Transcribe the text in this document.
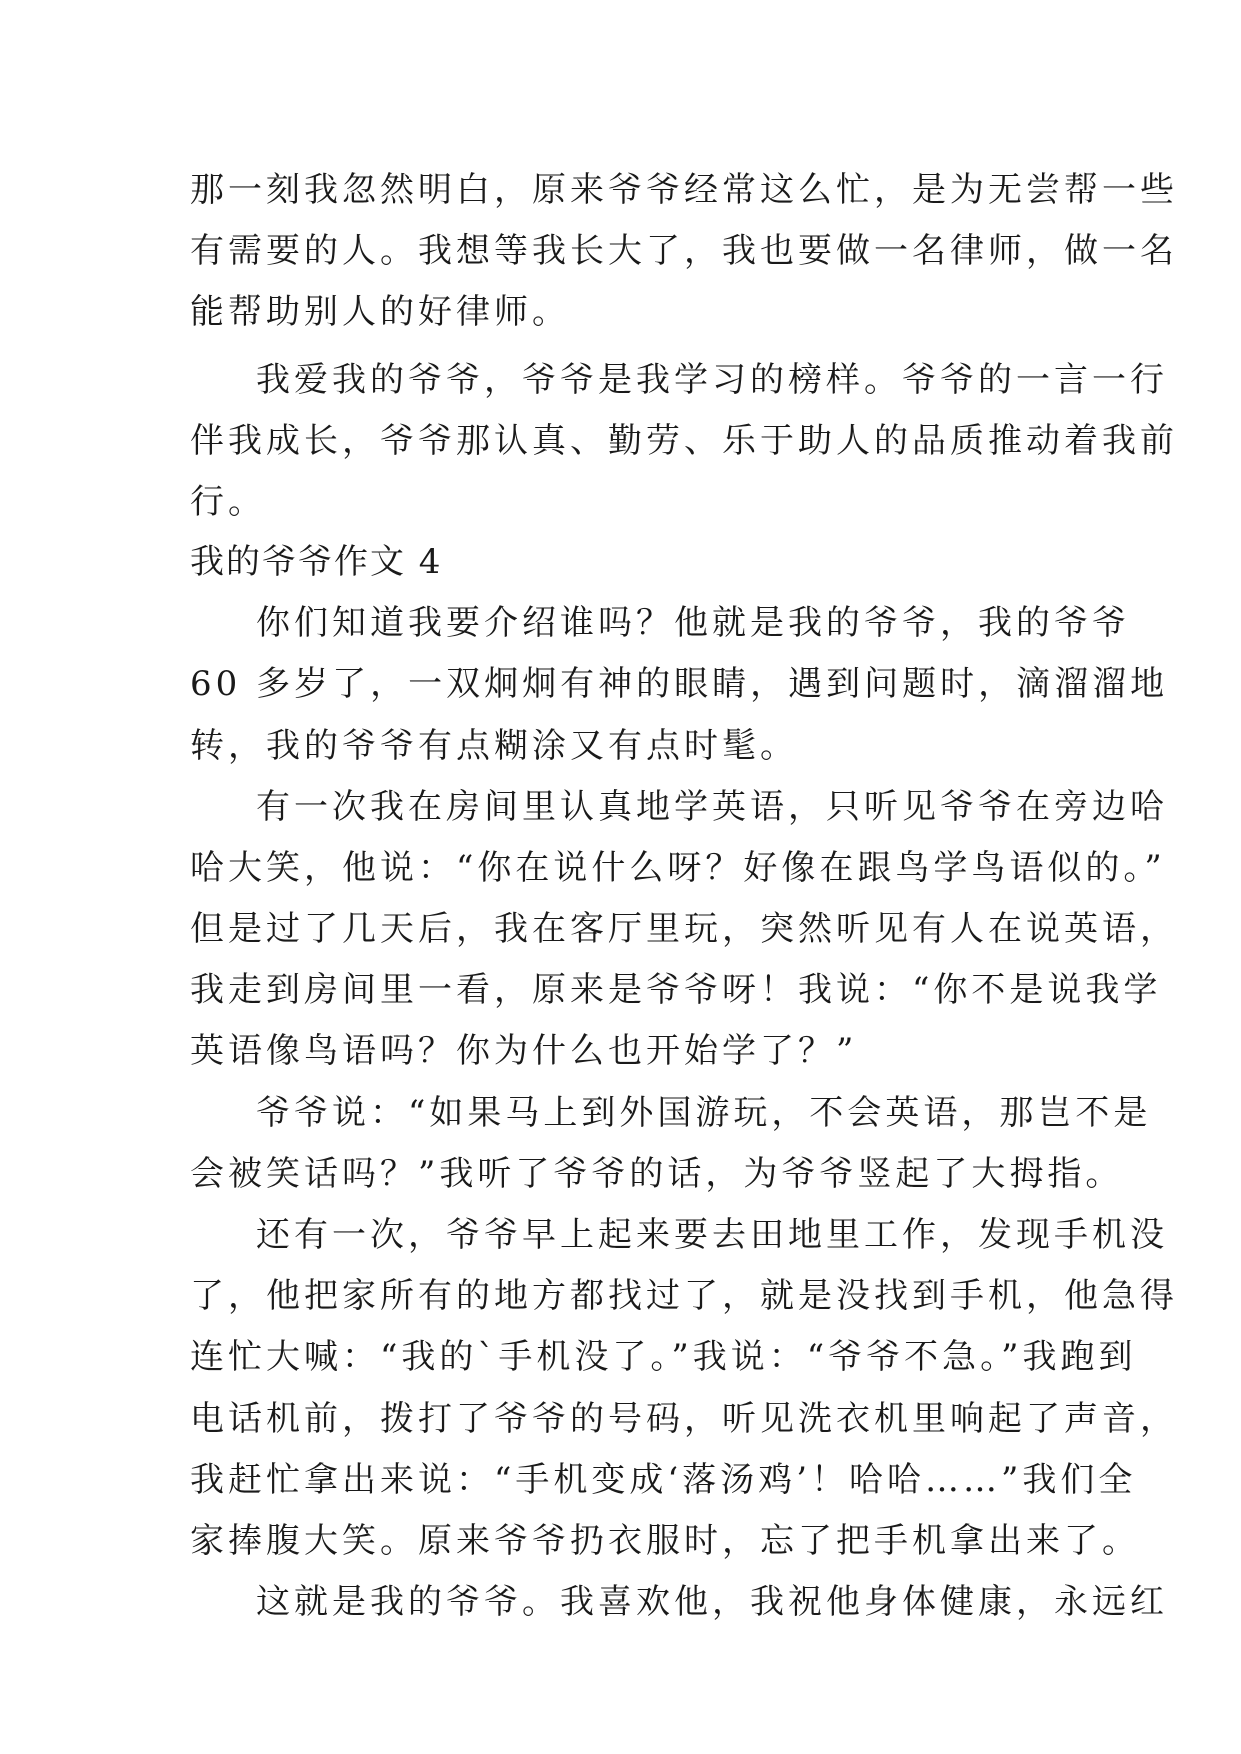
那一刻我忽然明白，原来爷爷经常这么忙，是为无尝帮一些
有需要的人。我想等我长大了，我也要做一名律师，做一名
能帮助别人的好律师。
我爱我的爷爷，爷爷是我学习的榜样。爷爷的一言一行
伴我成长，爷爷那认真、勤劳、乐于助人的品质推动着我前
行。
我的爷爷作文 4
你们知道我要介绍谁吗？他就是我的爷爷，我的爷爷
60 多岁了，一双炯炯有神的眼睛，遇到问题时，滴溜溜地
转，我的爷爷有点糊涂又有点时髦。
有一次我在房间里认真地学英语，只听见爷爷在旁边哈
哈大笑，他说：“你在说什么呀？好像在跟鸟学鸟语似的。”
但是过了几天后，我在客厅里玩，突然听见有人在说英语，
我走到房间里一看，原来是爷爷呀！我说：“你不是说我学
英语像鸟语吗？你为什么也开始学了？”
爷爷说：“如果马上到外国游玩，不会英语，那岂不是
会被笑话吗？”我听了爷爷的话，为爷爷竖起了大拇指。
还有一次，爷爷早上起来要去田地里工作，发现手机没
了，他把家所有的地方都找过了，就是没找到手机，他急得
连忙大喊：“我的`手机没了。”我说：“爷爷不急。”我跑到
电话机前，拨打了爷爷的号码，听见洗衣机里响起了声音，
我赶忙拿出来说：“手机变成‘落汤鸡’！哈哈……”我们全
家捧腹大笑。原来爷爷扔衣服时，忘了把手机拿出来了。
这就是我的爷爷。我喜欢他，我祝他身体健康，永远红
